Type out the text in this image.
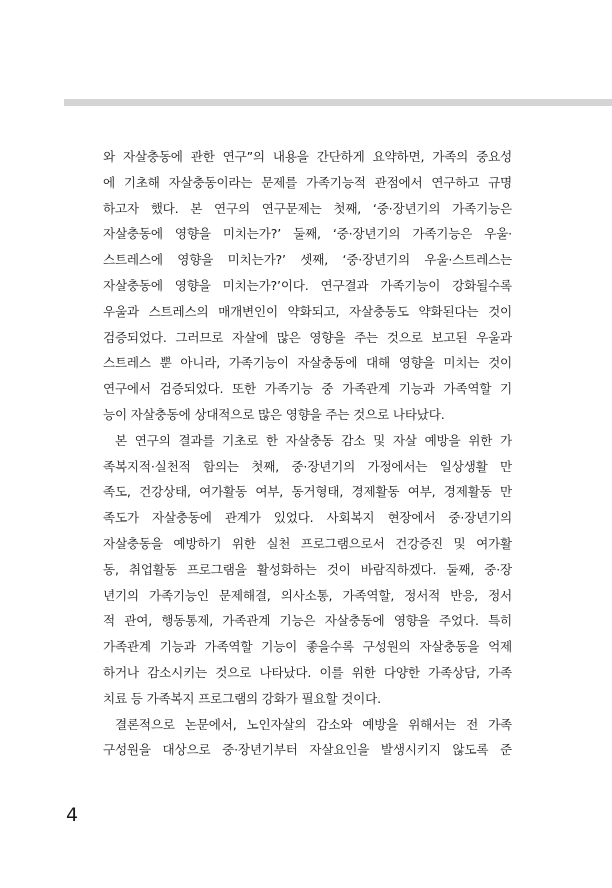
와 자살충동에 관한 연구”의 내용을 간단하게 요약하면, 가족의 중요성
에 기초해 자살충동이라는 문제를 가족기능적 관점에서 연구하고 규명
하고자 했다. 본 연구의 연구문제는 첫째, ‘중·장년기의 가족기능은
자살충동에 영향을 미치는가?’ 둘째, ‘중·장년기의 가족기능은 우울·
스트레스에 영향을 미치는가?’ 셋째, ‘중·장년기의 우울·스트레스는
자살충동에 영향을 미치는가?’이다. 연구결과 가족기능이 강화될수록
우울과 스트레스의 매개변인이 약화되고, 자살충동도 약화된다는 것이
검증되었다. 그러므로 자살에 많은 영향을 주는 것으로 보고된 우울과
스트레스 뿐 아니라, 가족기능이 자살충동에 대해 영향을 미치는 것이
연구에서 검증되었다. 또한 가족기능 중 가족관계 기능과 가족역할 기
능이 자살충동에 상대적으로 많은 영향을 주는 것으로 나타났다.
본 연구의 결과를 기초로 한 자살충동 감소 및 자살 예방을 위한 가
족복지적·실천적 함의는 첫째, 중·장년기의 가정에서는 일상생활 만
족도, 건강상태, 여가활동 여부, 동거형태, 경제활동 여부, 경제활동 만
족도가 자살충동에 관계가 있었다. 사회복지 현장에서 중·장년기의
자살충동을 예방하기 위한 실천 프로그램으로서 건강증진 및 여가활
동, 취업활동 프로그램을 활성화하는 것이 바람직하겠다. 둘째, 중·장
년기의 가족기능인 문제해결, 의사소통, 가족역할, 정서적 반응, 정서
적 관여, 행동통제, 가족관계 기능은 자살충동에 영향을 주었다. 특히
가족관계 기능과 가족역할 기능이 좋을수록 구성원의 자살충동을 억제
하거나 감소시키는 것으로 나타났다. 이를 위한 다양한 가족상담, 가족
치료 등 가족복지 프로그램의 강화가 필요할 것이다.
결론적으로 논문에서, 노인자살의 감소와 예방을 위해서는 전 가족
구성원을 대상으로 중·장년기부터 자살요인을 발생시키지 않도록 준
4
